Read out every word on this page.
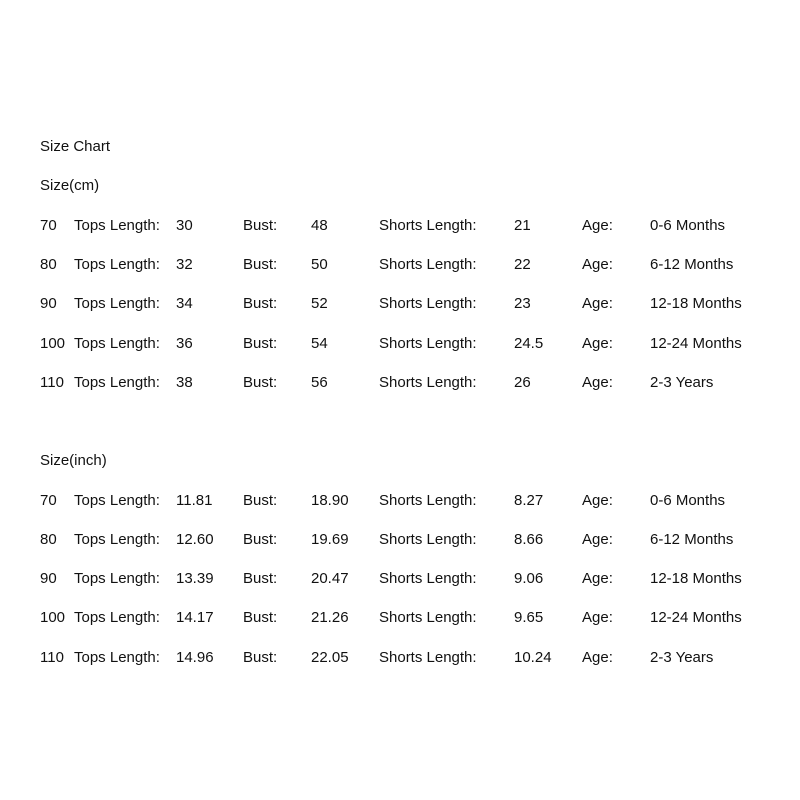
Size Chart
Size(cm)
70 Tops Length: 30	Bust: 48	Shorts Length: 21	Age: 0-6 Months
80 Tops Length: 32	Bust: 50	Shorts Length: 22	Age: 6-12 Months
90 Tops Length: 34	Bust: 52	Shorts Length: 23	Age: 12-18 Months
100 Tops Length: 36	Bust: 54	Shorts Length: 24.5	Age: 12-24 Months
110 Tops Length: 38	Bust: 56	Shorts Length: 26	Age: 2-3 Years
Size(inch)
70 Tops Length: 11.81 Bust: 18.90 Shorts Length: 8.27	Age: 0-6 Months
80 Tops Length: 12.60 Bust: 19.69 Shorts Length: 8.66	Age: 6-12 Months
90 Tops Length: 13.39 Bust: 20.47 Shorts Length: 9.06	Age: 12-18 Months
100 Tops Length: 14.17 Bust: 21.26 Shorts Length: 9.65	Age: 12-24 Months
110 Tops Length: 14.96 Bust: 22.05 Shorts Length: 10.24 Age: 2-3 Years
